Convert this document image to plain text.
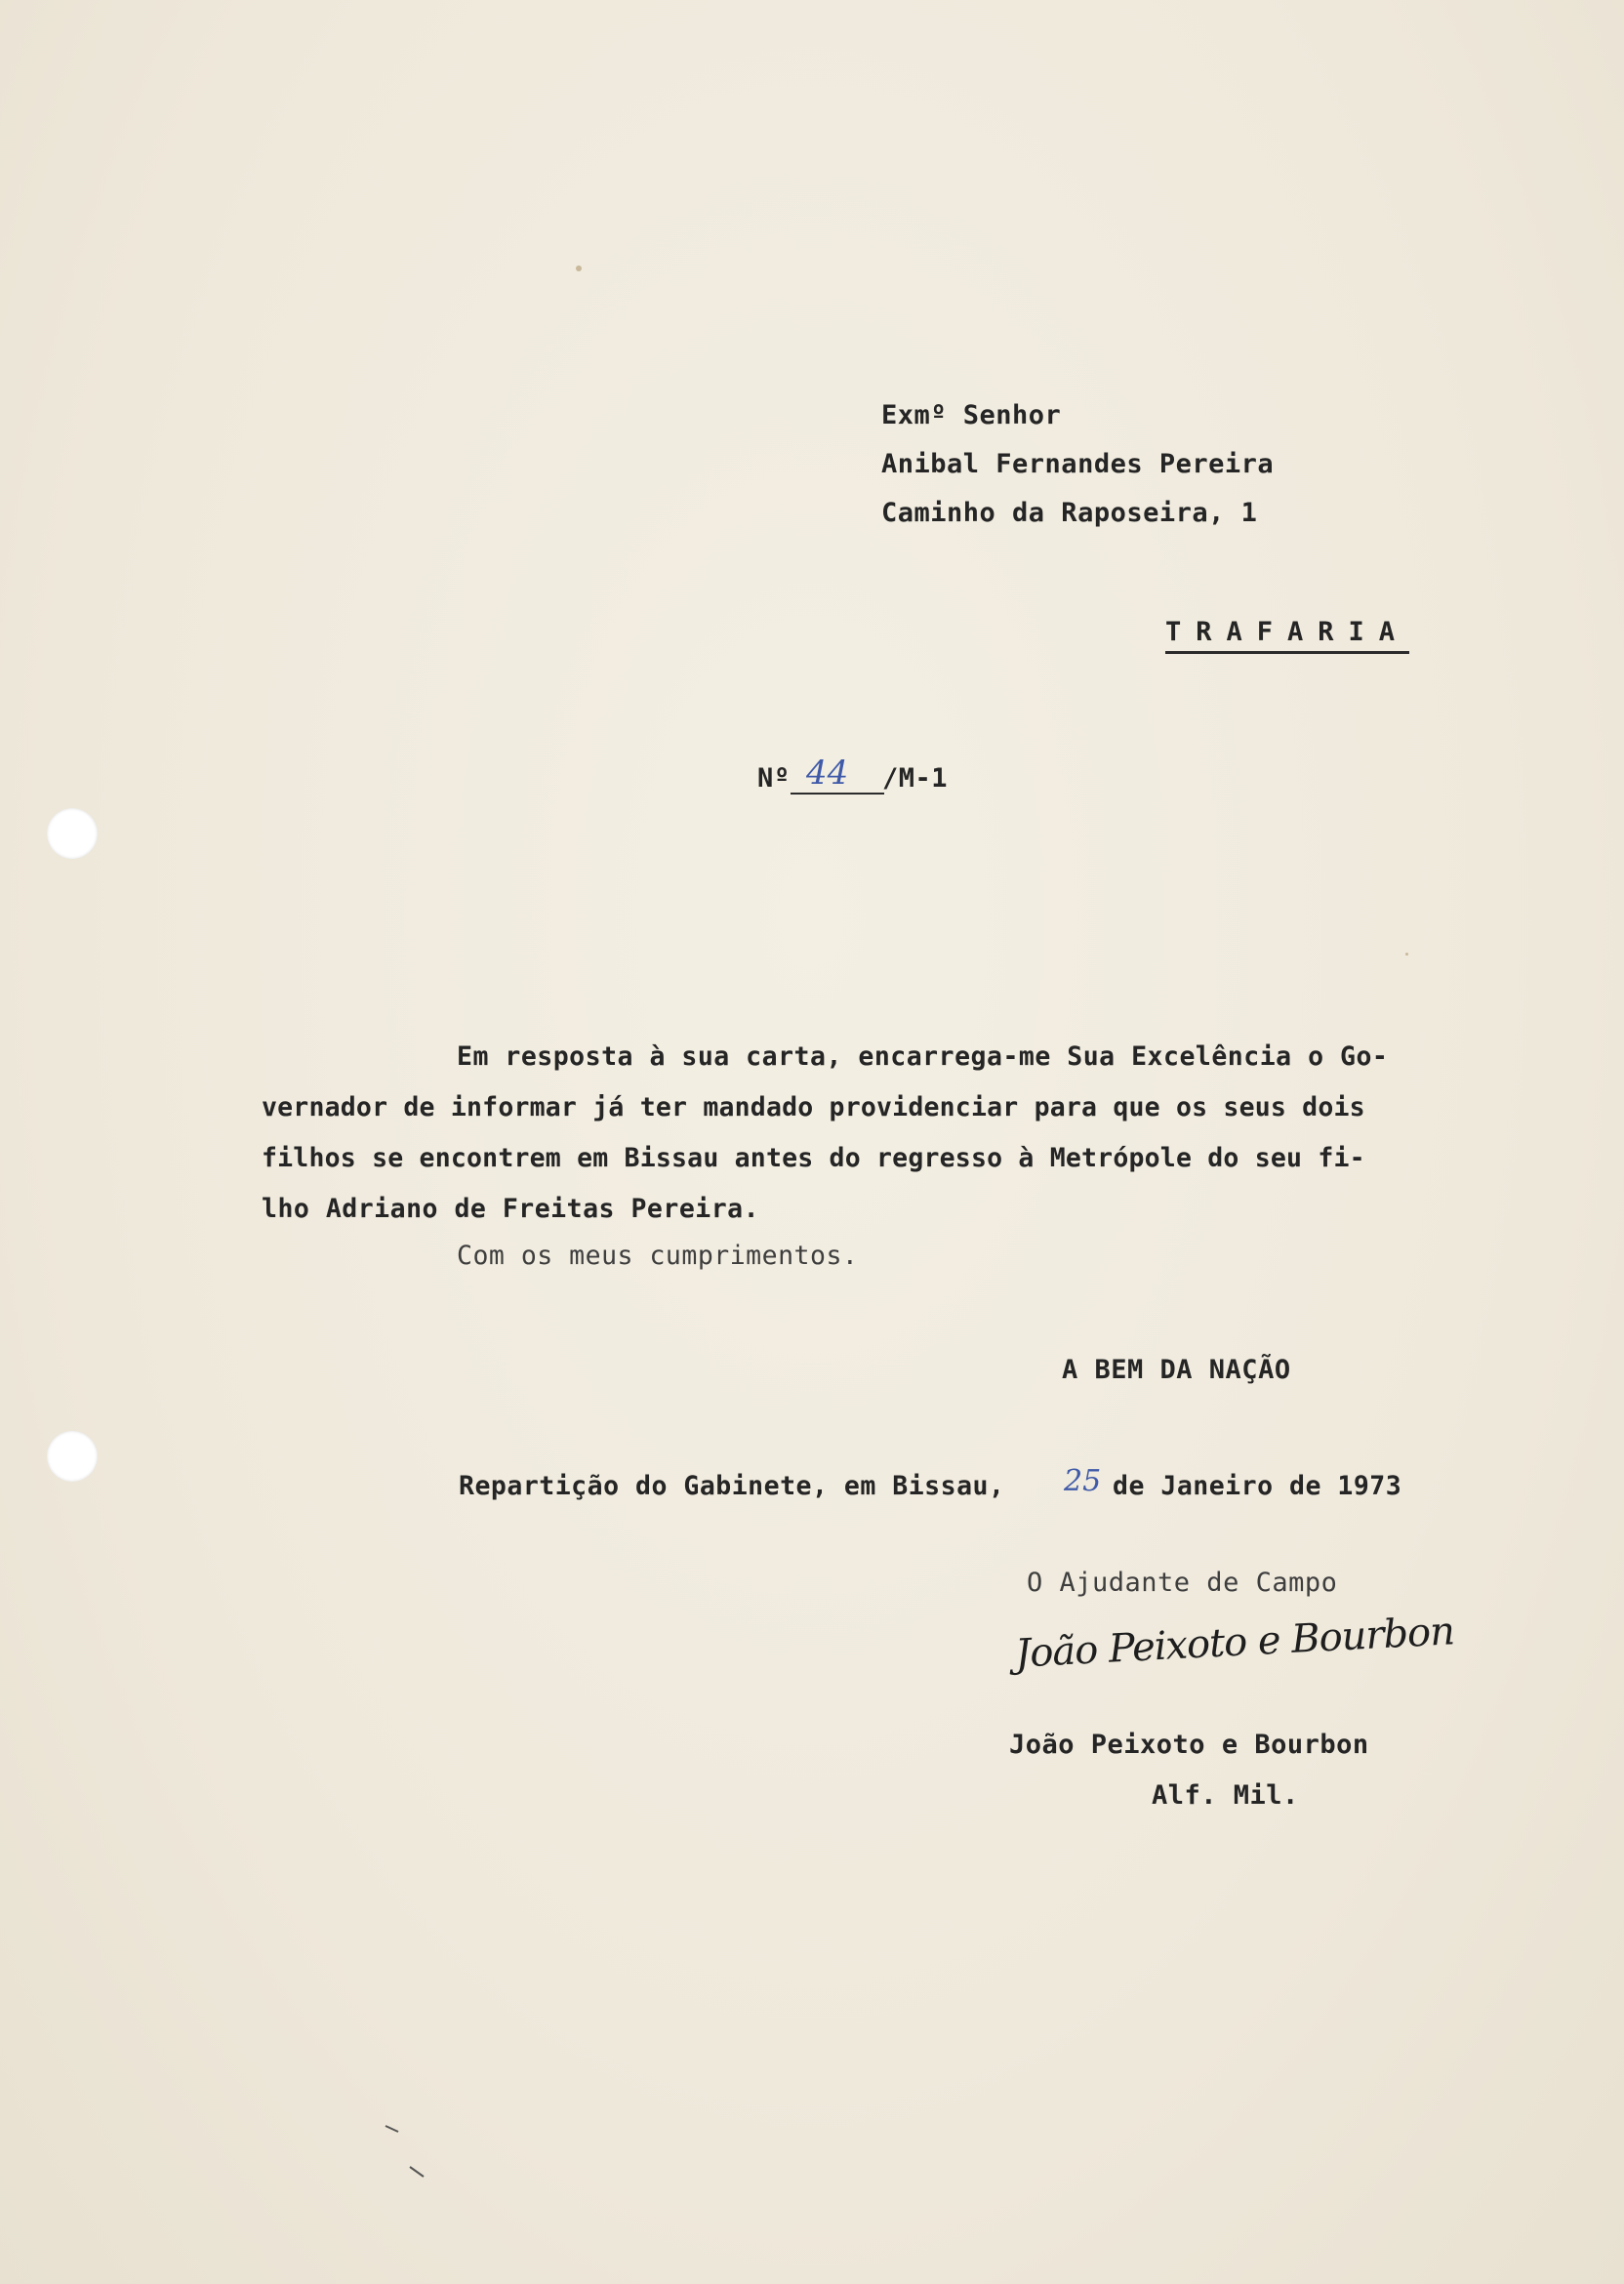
Exmº Senhor
Anibal Fernandes Pereira
Caminho da Raposeira, 1
TRAFARIA
Nº 44 /M-1
Em resposta à sua carta, encarrega-me Sua Excelência o Go-
vernador de informar já ter mandado providenciar para que os seus dois
filhos se encontrem em Bissau antes do regresso à Metrópole do seu fi-
lho Adriano de Freitas Pereira.
Com os meus cumprimentos.
A BEM DA NAÇÃO
Repartição do Gabinete, em Bissau, 25 de Janeiro de 1973
O Ajudante de Campo
João Peixoto e Bourbon
João Peixoto e Bourbon
Alf. Mil.
